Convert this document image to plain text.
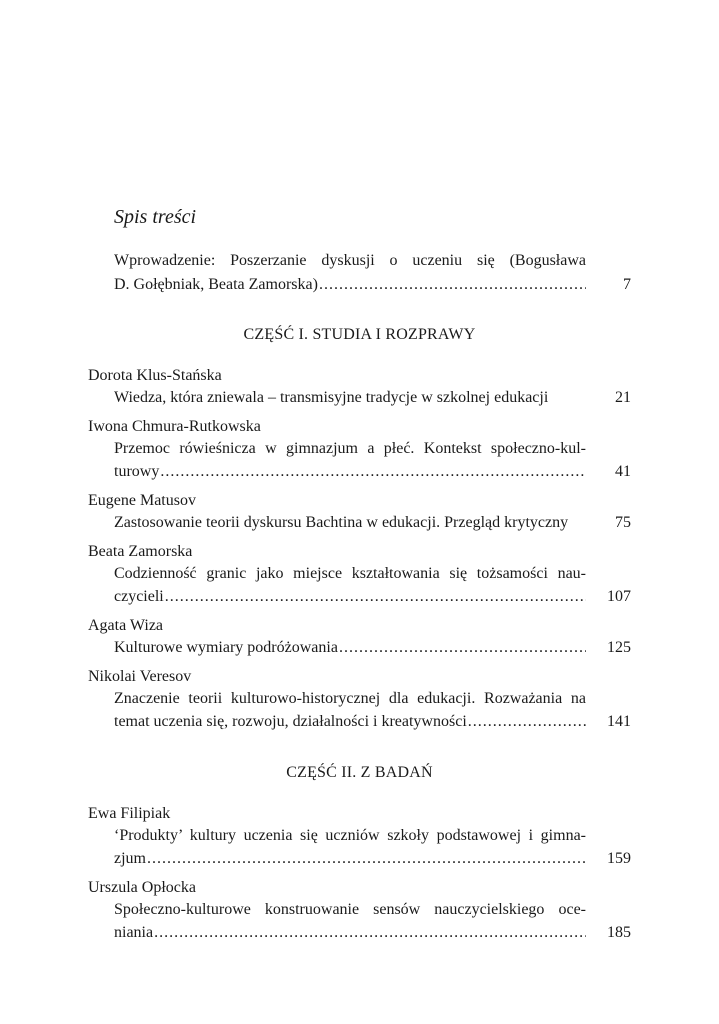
Spis treści
Wprowadzenie: Poszerzanie dyskusji o uczeniu się (Bogusława
D. Gołębniak, Beata Zamorska) .....	7
CZĘŚĆ I. STUDIA I ROZPRAWY
Dorota Klus-Stańska
Wiedza, która zniewala – transmisyjne tradycje w szkolnej edukacji	21
Iwona Chmura-Rutkowska
Przemoc rówieśnicza w gimnazjum a płeć. Kontekst społeczno-kul-
turowy .....	41
Eugene Matusov
Zastosowanie teorii dyskursu Bachtina w edukacji. Przegląd krytyczny	75
Beata Zamorska
Codzienność granic jako miejsce kształtowania się tożsamości nau-
czycieli .....	107
Agata Wiza
Kulturowe wymiary podróżowania .....	125
Nikolai Veresov
Znaczenie teorii kulturowo-historycznej dla edukacji. Rozważania na
temat uczenia się, rozwoju, działalności i kreatywności .....	141
CZĘŚĆ II. Z BADAŃ
Ewa Filipiak
‘Produkty’ kultury uczenia się uczniów szkoły podstawowej i gimna-
zjum .....	159
Urszula Opłocka
Społeczno-kulturowe konstruowanie sensów nauczycielskiego oce-
niania .....	185
